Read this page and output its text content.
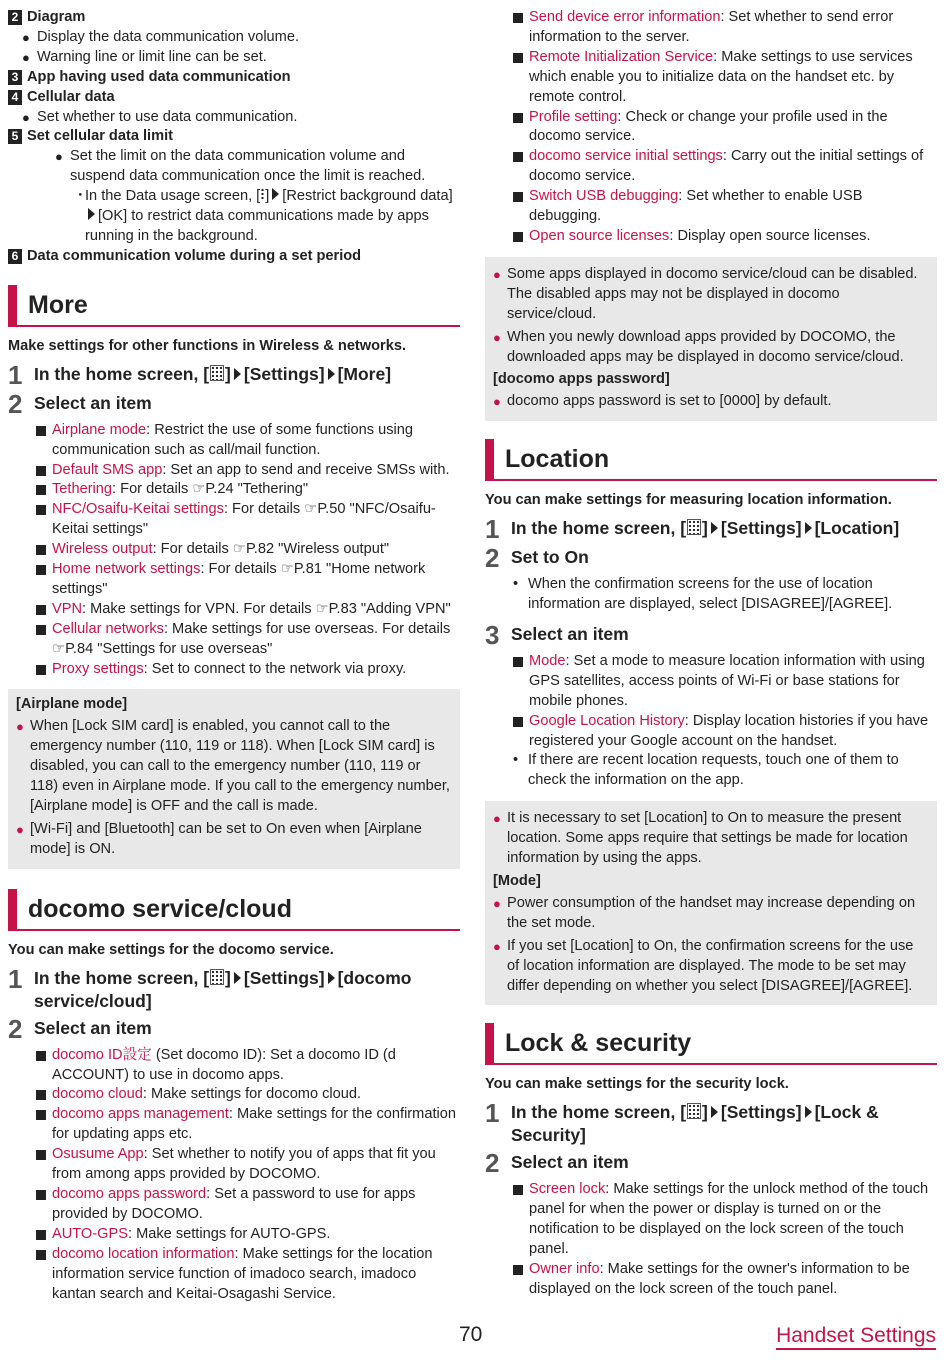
2 Diagram
● Display the data communication volume.
● Warning line or limit line can be set.
3 App having used data communication
4 Cellular data
● Set whether to use data communication.
5 Set cellular data limit
● Set the limit on the data communication volume and suspend data communication once the limit is reached.
・
In the Data usage screen, [ ] [Restrict background data][OK] to restrict data communications made by apps running in the background.
6 Data communication volume during a set period
More
Make settings for other functions in Wireless & networks.
1 In the home screen, [ ] [Settings] [More]
2 Select an item
Airplane mode: Restrict the use of some functions using communication such as call/mail function.
Default SMS app: Set an app to send and receive SMSs with.
Tethering: For details ☞P.24 "Tethering"
NFC/Osaifu-Keitai settings: For details ☞P.50 "NFC/Osaifu-Keitai settings"
Wireless output: For details ☞P.82 "Wireless output"
Home network settings: For details ☞P.81 "Home network settings"
VPN: Make settings for VPN. For details ☞P.83 "Adding VPN"
Cellular networks: Make settings for use overseas. For details ☞P.84 "Settings for use overseas"
Proxy settings: Set to connect to the network via proxy.
[Airplane mode]
● When [Lock SIM card] is enabled, you cannot call to the emergency number (110, 119 or 118). When [Lock SIM card] is disabled, you can call to the emergency number (110, 119 or 118) even in Airplane mode. If you call to the emergency number, [Airplane mode] is OFF and the call is made.
● [Wi-Fi] and [Bluetooth] can be set to On even when [Airplane mode] is ON.
docomo service/cloud
You can make settings for the docomo service.
1 In the home screen, [ ] [Settings] [docomo service/cloud]
2 Select an item
docomo ID設定 (Set docomo ID): Set a docomo ID (d ACCOUNT) to use in docomo apps.
docomo cloud: Make settings for docomo cloud.
docomo apps management: Make settings for the confirmation for updating apps etc.
Osusume App: Set whether to notify you of apps that fit you from among apps provided by DOCOMO.
docomo apps password: Set a password to use for apps provided by DOCOMO.
AUTO-GPS: Make settings for AUTO-GPS.
docomo location information: Make settings for the location information service function of imadoco search, imadoco kantan search and Keitai-Osagashi Service.
Send device error information: Set whether to send error information to the server.
Remote Initialization Service: Make settings to use services which enable you to initialize data on the handset etc. by remote control.
Profile setting: Check or change your profile used in the docomo service.
docomo service initial settings: Carry out the initial settings of docomo service.
Switch USB debugging: Set whether to enable USB debugging.
Open source licenses: Display open source licenses.
● Some apps displayed in docomo service/cloud can be disabled. The disabled apps may not be displayed in docomo service/cloud.
● When you newly download apps provided by DOCOMO, the downloaded apps may be displayed in docomo service/cloud.
[docomo apps password]
● docomo apps password is set to [0000] by default.
Location
You can make settings for measuring location information.
1 In the home screen, [ ] [Settings] [Location]
2 Set to On
• When the confirmation screens for the use of location information are displayed, select [DISAGREE]/[AGREE].
3 Select an item
Mode: Set a mode to measure location information with using GPS satellites, access points of Wi-Fi or base stations for mobile phones.
Google Location History: Display location histories if you have registered your Google account on the handset.
• If there are recent location requests, touch one of them to check the information on the app.
● It is necessary to set [Location] to On to measure the present location. Some apps require that settings be made for location information by using the apps.
[Mode]
● Power consumption of the handset may increase depending on the set mode.
● If you set [Location] to On, the confirmation screens for the use of location information are displayed. The mode to be set may differ depending on whether you select [DISAGREE]/[AGREE].
Lock & security
You can make settings for the security lock.
1 In the home screen, [ ] [Settings] [Lock & Security]
2 Select an item
Screen lock: Make settings for the unlock method of the touch panel for when the power or display is turned on or the notification to be displayed on the lock screen of the touch panel.
Owner info: Make settings for the owner's information to be displayed on the lock screen of the touch panel.
70	Handset Settings
